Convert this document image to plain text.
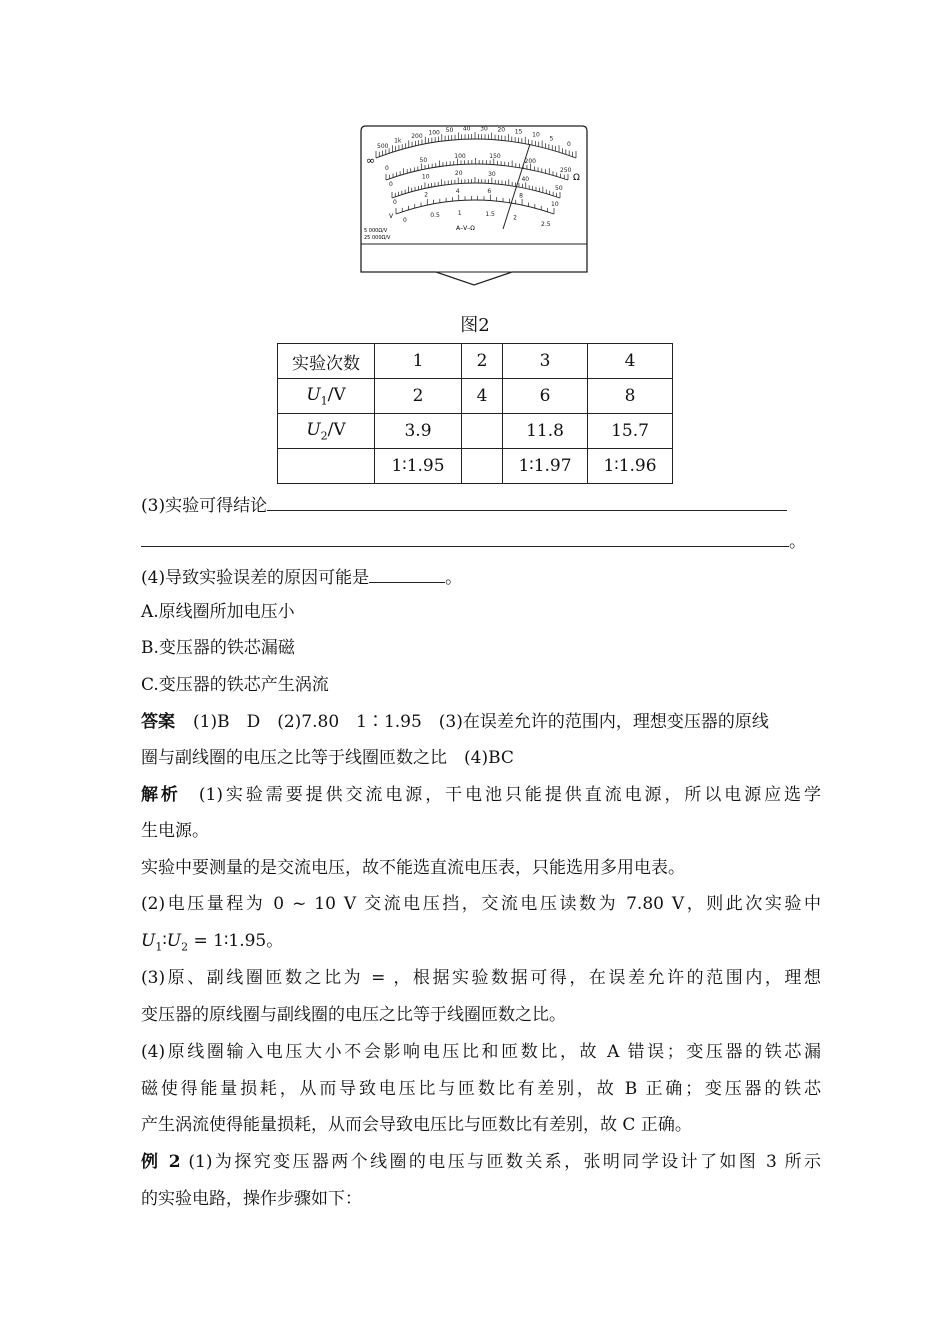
∞
Ω
V
A–V–Ω
5 000Ω/V
25 000Ω/V
500
1k
200 100 50 40 30 20 15 10
5
0
0
50
100	150
200
250
0
10	20	30
40
50
0
2
4	6
8
10
0
0.5	1	1.5
2
2.5
图2
实验次数	1	2	3	4
$U_1/V$	2	4	6	8
$U_2/V$	3.9		11.8	15.7
	1∶1.95		1∶1.97	1∶1.96
(3)实验可得结论
。
(4)导致实验误差的原因可能是	。
A.原线圈所加电压小
B.变压器的铁芯漏磁
C.变压器的铁芯产生涡流
答案 (1)B　D　(2)7.80　1∶1.95　(3)在误差允许的范围内，理想变压器的原线
圈与副线圈的电压之比等于线圈匝数之比　(4)BC
解析 (1)实验需要提供交流电源，干电池只能提供直流电源，所以电源应选学
生电源。
实验中要测量的是交流电压，故不能选直流电压表，只能选用多用电表。
(2)电压量程为 0 ~ 10 V 交流电压挡，交流电压读数为 7.80 V，则此次实验中
$U_1∶U_2$ = 1∶1.95。
(3)原、副线圈匝数之比为 = ，根据实验数据可得，在误差允许的范围内，理想
变压器的原线圈与副线圈的电压之比等于线圈匝数之比。
(4)原线圈输入电压大小不会影响电压比和匝数比，故 A 错误；变压器的铁芯漏
磁使得能量损耗，从而导致电压比与匝数比有差别，故 B 正确；变压器的铁芯
产生涡流使得能量损耗，从而会导致电压比与匝数比有差别，故 C 正确。
例 2 (1)为探究变压器两个线圈的电压与匝数关系，张明同学设计了如图 3 所示
的实验电路，操作步骤如下：
